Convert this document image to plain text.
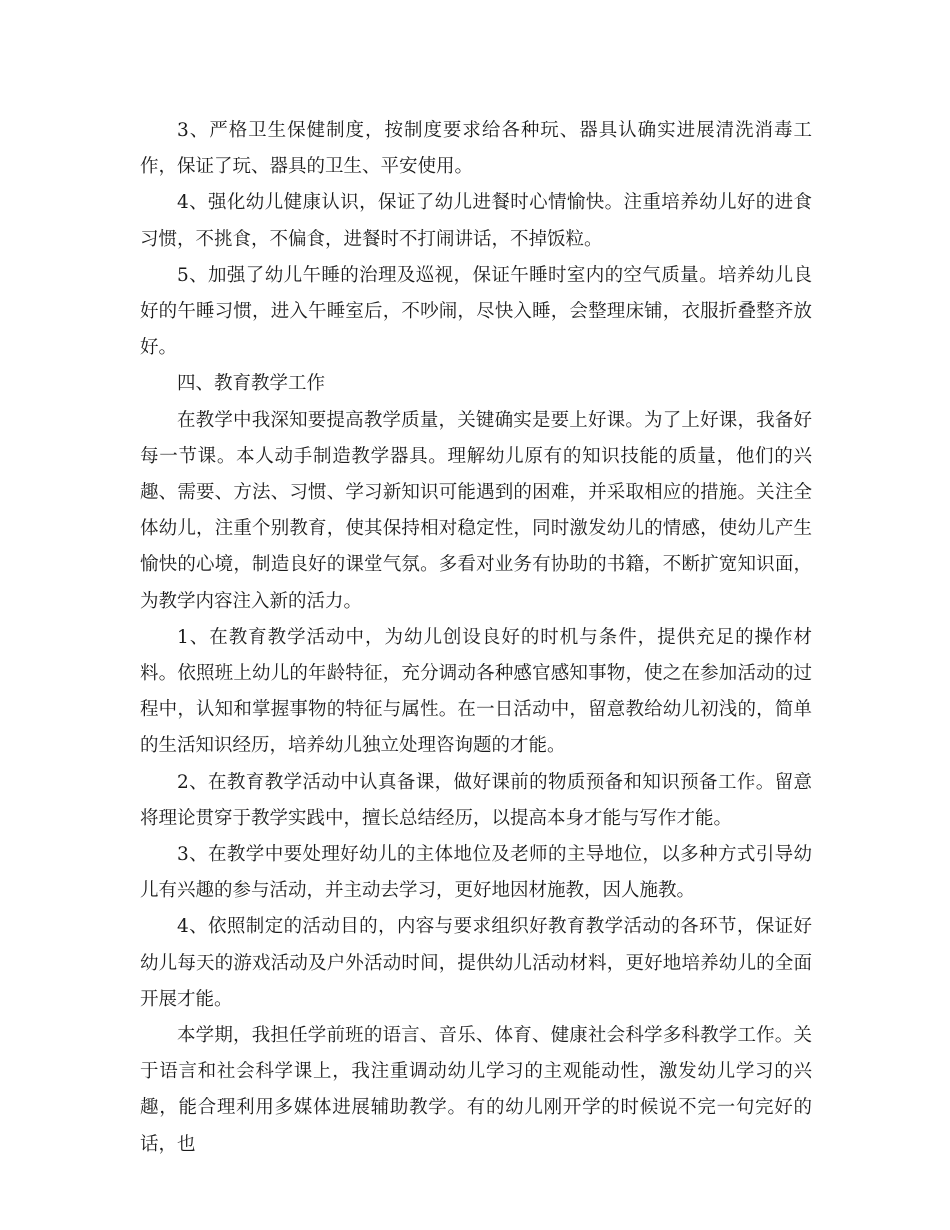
3、严格卫生保健制度，按制度要求给各种玩、器具认确实进展清洗消毒工作，保证了玩、器具的卫生、平安使用。

4、强化幼儿健康认识，保证了幼儿进餐时心情愉快。注重培养幼儿好的进食习惯，不挑食，不偏食，进餐时不打闹讲话，不掉饭粒。

5、加强了幼儿午睡的治理及巡视，保证午睡时室内的空气质量。培养幼儿良好的午睡习惯，进入午睡室后，不吵闹，尽快入睡，会整理床铺，衣服折叠整齐放好。

四、教育教学工作

在教学中我深知要提高教学质量，关键确实是要上好课。为了上好课，我备好每一节课。本人动手制造教学器具。理解幼儿原有的知识技能的质量，他们的兴趣、需要、方法、习惯、学习新知识可能遇到的困难，并采取相应的措施。关注全体幼儿，注重个别教育，使其保持相对稳定性，同时激发幼儿的情感，使幼儿产生愉快的心境，制造良好的课堂气氛。多看对业务有协助的书籍，不断扩宽知识面，为教学内容注入新的活力。

1、在教育教学活动中，为幼儿创设良好的时机与条件，提供充足的操作材料。依照班上幼儿的年龄特征，充分调动各种感官感知事物，使之在参加活动的过程中，认知和掌握事物的特征与属性。在一日活动中，留意教给幼儿初浅的，简单的生活知识经历，培养幼儿独立处理咨询题的才能。

2、在教育教学活动中认真备课，做好课前的物质预备和知识预备工作。留意将理论贯穿于教学实践中，擅长总结经历，以提高本身才能与写作才能。

3、在教学中要处理好幼儿的主体地位及老师的主导地位，以多种方式引导幼儿有兴趣的参与活动，并主动去学习，更好地因材施教，因人施教。

4、依照制定的活动目的，内容与要求组织好教育教学活动的各环节，保证好幼儿每天的游戏活动及户外活动时间，提供幼儿活动材料，更好地培养幼儿的全面开展才能。

本学期，我担任学前班的语言、音乐、体育、健康社会科学多科教学工作。关于语言和社会科学课上，我注重调动幼儿学习的主观能动性，激发幼儿学习的兴趣，能合理利用多媒体进展辅助教学。有的幼儿刚开学的时候说不完一句完好的话，也
